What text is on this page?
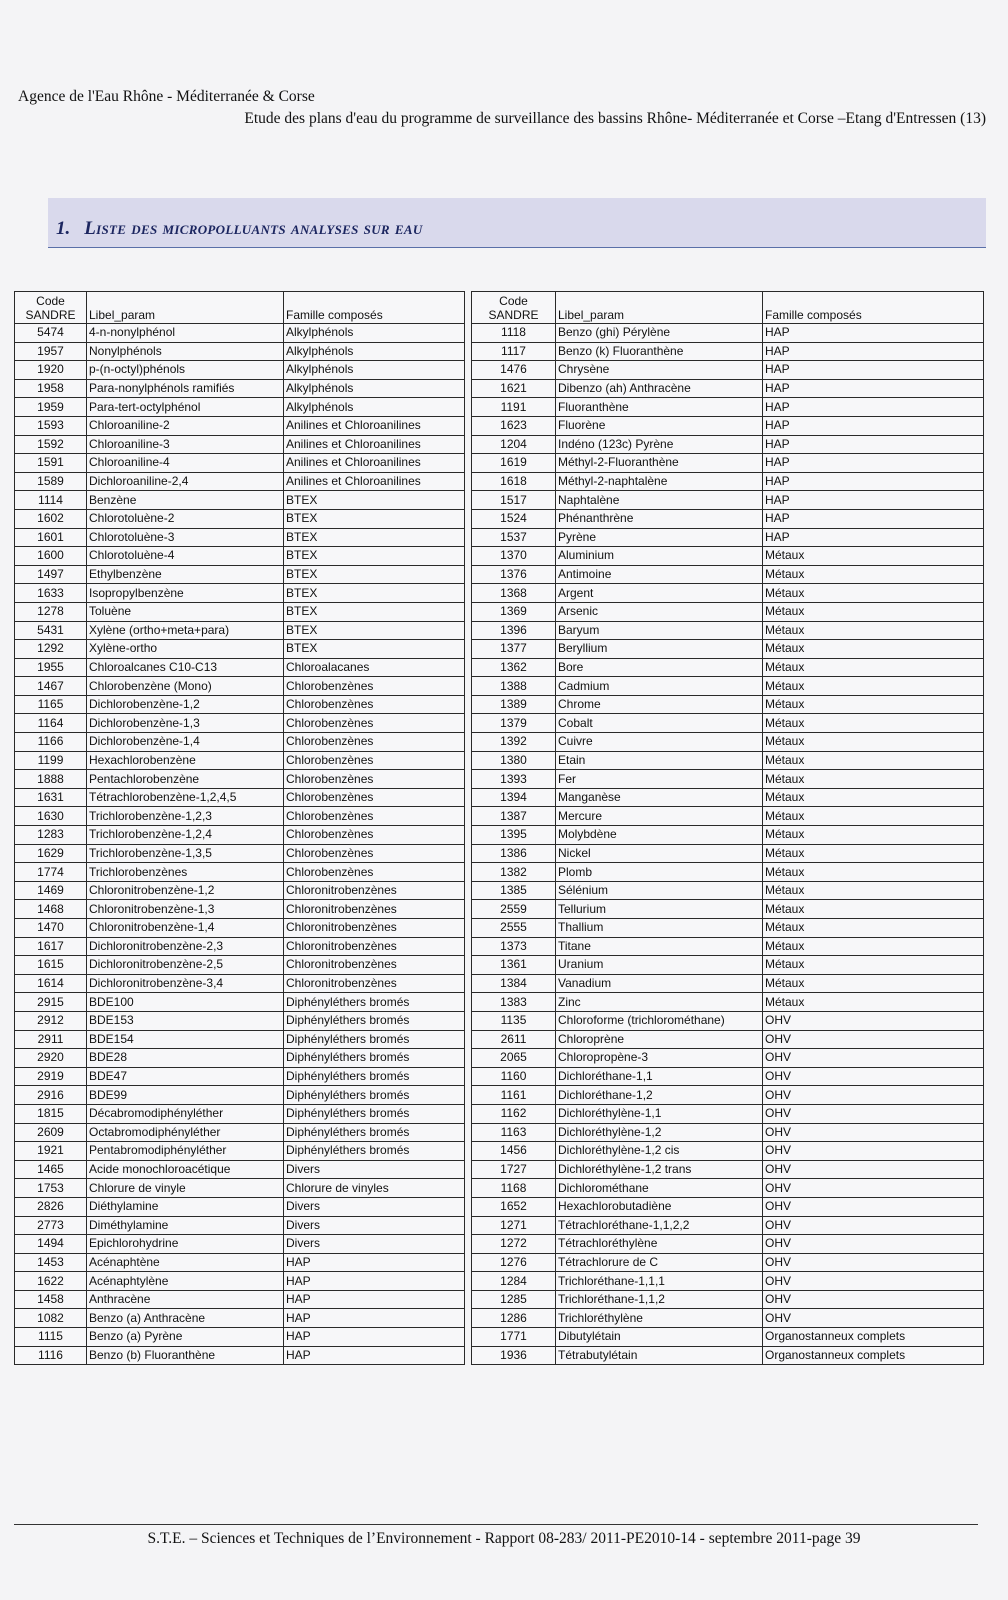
Agence de l'Eau Rhône - Méditerranée & Corse
Etude des plans d'eau du programme de surveillance des bassins Rhône- Méditerranée et Corse –Etang d'Entressen (13)
1. Liste des micropolluants analyses sur eau
Code
SANDRE	Libel_param	Famille composés
5474	4-n-nonylphénol	Alkylphénols
1957	Nonylphénols	Alkylphénols
1920	p-(n-octyl)phénols	Alkylphénols
1958	Para-nonylphénols ramifiés	Alkylphénols
1959	Para-tert-octylphénol	Alkylphénols
1593	Chloroaniline-2	Anilines et Chloroanilines
1592	Chloroaniline-3	Anilines et Chloroanilines
1591	Chloroaniline-4	Anilines et Chloroanilines
1589	Dichloroaniline-2,4	Anilines et Chloroanilines
1114	Benzène	BTEX
1602	Chlorotoluène-2	BTEX
1601	Chlorotoluène-3	BTEX
1600	Chlorotoluène-4	BTEX
1497	Ethylbenzène	BTEX
1633	Isopropylbenzène	BTEX
1278	Toluène	BTEX
5431	Xylène (ortho+meta+para)	BTEX
1292	Xylène-ortho	BTEX
1955	Chloroalcanes C10-C13	Chloroalacanes
1467	Chlorobenzène (Mono)	Chlorobenzènes
1165	Dichlorobenzène-1,2	Chlorobenzènes
1164	Dichlorobenzène-1,3	Chlorobenzènes
1166	Dichlorobenzène-1,4	Chlorobenzènes
1199	Hexachlorobenzène	Chlorobenzènes
1888	Pentachlorobenzène	Chlorobenzènes
1631	Tétrachlorobenzène-1,2,4,5	Chlorobenzènes
1630	Trichlorobenzène-1,2,3	Chlorobenzènes
1283	Trichlorobenzène-1,2,4	Chlorobenzènes
1629	Trichlorobenzène-1,3,5	Chlorobenzènes
1774	Trichlorobenzènes	Chlorobenzènes
1469	Chloronitrobenzène-1,2	Chloronitrobenzènes
1468	Chloronitrobenzène-1,3	Chloronitrobenzènes
1470	Chloronitrobenzène-1,4	Chloronitrobenzènes
1617	Dichloronitrobenzène-2,3	Chloronitrobenzènes
1615	Dichloronitrobenzène-2,5	Chloronitrobenzènes
1614	Dichloronitrobenzène-3,4	Chloronitrobenzènes
2915	BDE100	Diphényléthers bromés
2912	BDE153	Diphényléthers bromés
2911	BDE154	Diphényléthers bromés
2920	BDE28	Diphényléthers bromés
2919	BDE47	Diphényléthers bromés
2916	BDE99	Diphényléthers bromés
1815	Décabromodiphényléther	Diphényléthers bromés
2609	Octabromodiphényléther	Diphényléthers bromés
1921	Pentabromodiphényléther	Diphényléthers bromés
1465	Acide monochloroacétique	Divers
1753	Chlorure de vinyle	Chlorure de vinyles
2826	Diéthylamine	Divers
2773	Diméthylamine	Divers
1494	Epichlorohydrine	Divers
1453	Acénaphtène	HAP
1622	Acénaphtylène	HAP
1458	Anthracène	HAP
1082	Benzo (a) Anthracène	HAP
1115	Benzo (a) Pyrène	HAP
1116	Benzo (b) Fluoranthène	HAP
Code
SANDRE	Libel_param	Famille composés
1118	Benzo (ghi) Pérylène	HAP
1117	Benzo (k) Fluoranthène	HAP
1476	Chrysène	HAP
1621	Dibenzo (ah) Anthracène	HAP
1191	Fluoranthène	HAP
1623	Fluorène	HAP
1204	Indéno (123c) Pyrène	HAP
1619	Méthyl-2-Fluoranthène	HAP
1618	Méthyl-2-naphtalène	HAP
1517	Naphtalène	HAP
1524	Phénanthrène	HAP
1537	Pyrène	HAP
1370	Aluminium	Métaux
1376	Antimoine	Métaux
1368	Argent	Métaux
1369	Arsenic	Métaux
1396	Baryum	Métaux
1377	Beryllium	Métaux
1362	Bore	Métaux
1388	Cadmium	Métaux
1389	Chrome	Métaux
1379	Cobalt	Métaux
1392	Cuivre	Métaux
1380	Etain	Métaux
1393	Fer	Métaux
1394	Manganèse	Métaux
1387	Mercure	Métaux
1395	Molybdène	Métaux
1386	Nickel	Métaux
1382	Plomb	Métaux
1385	Sélénium	Métaux
2559	Tellurium	Métaux
2555	Thallium	Métaux
1373	Titane	Métaux
1361	Uranium	Métaux
1384	Vanadium	Métaux
1383	Zinc	Métaux
1135	Chloroforme (trichlorométhane)	OHV
2611	Chloroprène	OHV
2065	Chloropropène-3	OHV
1160	Dichloréthane-1,1	OHV
1161	Dichloréthane-1,2	OHV
1162	Dichloréthylène-1,1	OHV
1163	Dichloréthylène-1,2	OHV
1456	Dichloréthylène-1,2 cis	OHV
1727	Dichloréthylène-1,2 trans	OHV
1168	Dichlorométhane	OHV
1652	Hexachlorobutadiène	OHV
1271	Tétrachloréthane-1,1,2,2	OHV
1272	Tétrachloréthylène	OHV
1276	Tétrachlorure de C	OHV
1284	Trichloréthane-1,1,1	OHV
1285	Trichloréthane-1,1,2	OHV
1286	Trichloréthylène	OHV
1771	Dibutylétain	Organostanneux complets
1936	Tétrabutylétain	Organostanneux complets
S.T.E. – Sciences et Techniques de l’Environnement - Rapport 08-283/ 2011-PE2010-14 - septembre 2011-page 39
